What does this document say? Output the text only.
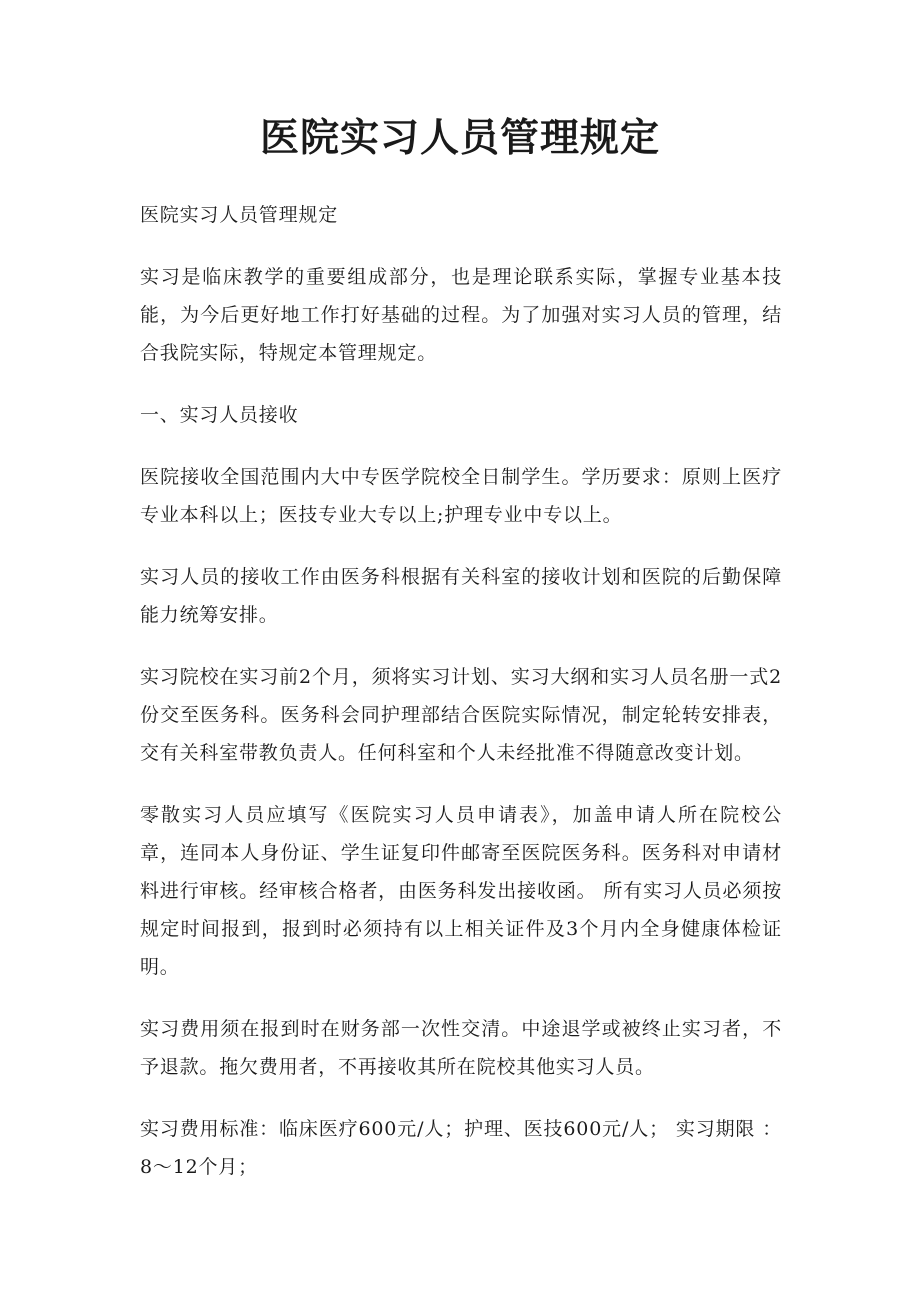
医院实习人员管理规定

医院实习人员管理规定

实习是临床教学的重要组成部分，也是理论联系实际，掌握专业基本技能，为今后更好地工作打好基础的过程。为了加强对实习人员的管理，结合我院实际，特规定本管理规定。

一、实习人员接收

医院接收全国范围内大中专医学院校全日制学生。学历要求：原则上医疗专业本科以上；医技专业大专以上;护理专业中专以上。

实习人员的接收工作由医务科根据有关科室的接收计划和医院的后勤保障能力统筹安排。

实习院校在实习前2个月，须将实习计划、实习大纲和实习人员名册一式2份交至医务科。医务科会同护理部结合医院实际情况，制定轮转安排表，交有关科室带教负责人。任何科室和个人未经批准不得随意改变计划。

零散实习人员应填写《医院实习人员申请表》，加盖申请人所在院校公章，连同本人身份证、学生证复印件邮寄至医院医务科。医务科对申请材料进行审核。经审核合格者，由医务科发出接收函。 所有实习人员必须按规定时间报到，报到时必须持有以上相关证件及3个月内全身健康体检证明。

实习费用须在报到时在财务部一次性交清。中途退学或被终止实习者，不予退款。拖欠费用者，不再接收其所在院校其他实习人员。

实习费用标准：临床医疗600元/人；护理、医技600元/人； 实习期限 ：8～12个月；
